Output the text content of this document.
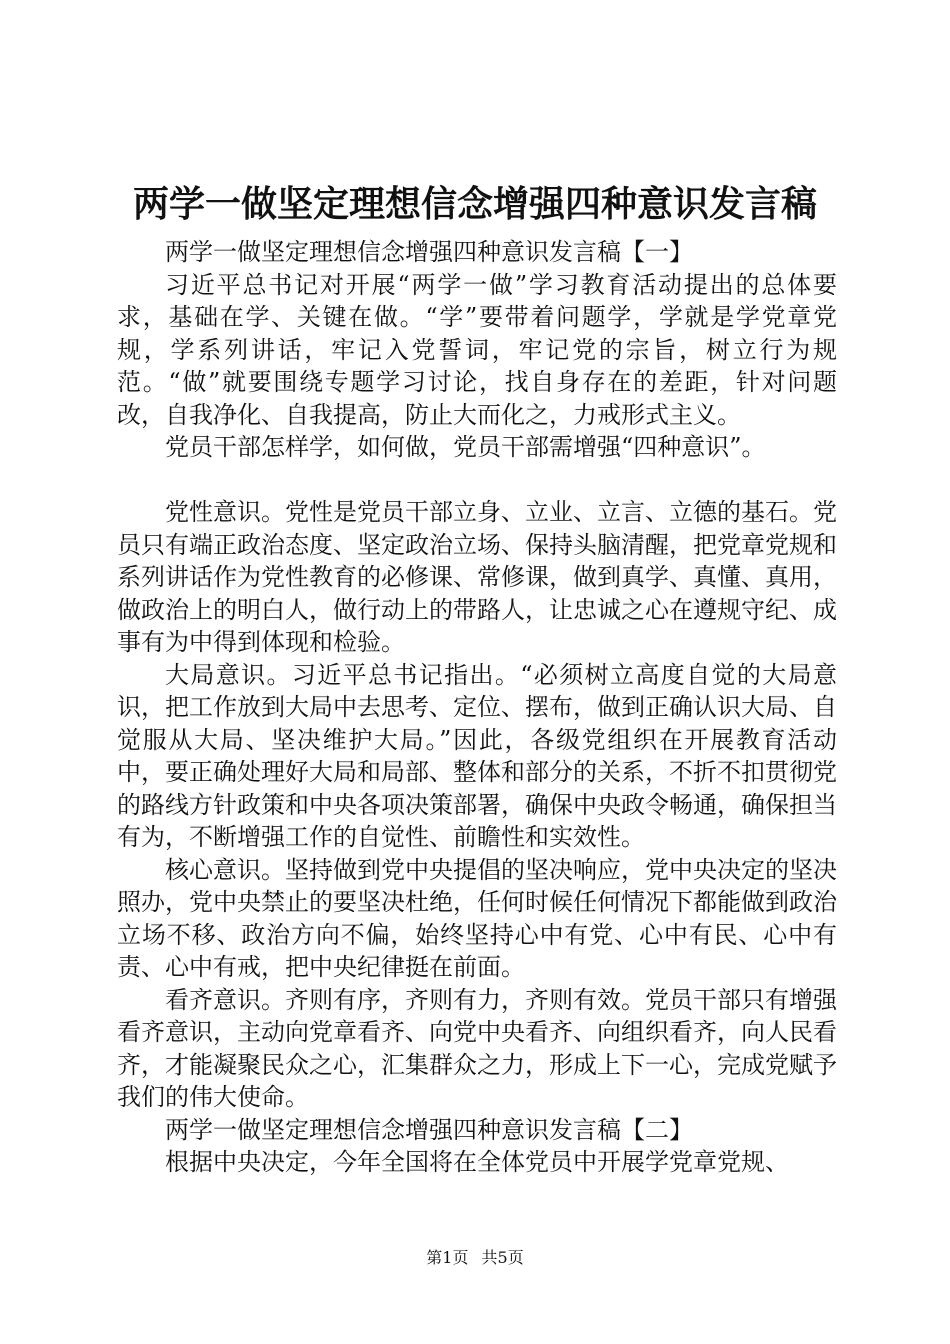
两学一做坚定理想信念增强四种意识发言稿

两学一做坚定理想信念增强四种意识发言稿【一】

习近平总书记对开展“两学一做”学习教育活动提出的总体要求，基础在学、关键在做。“学”要带着问题学，学就是学党章党规，学系列讲话，牢记入党誓词，牢记党的宗旨，树立行为规范。“做”就要围绕专题学习讨论，找自身存在的差距，针对问题改，自我净化、自我提高，防止大而化之，力戒形式主义。

党员干部怎样学，如何做，党员干部需增强“四种意识”。

党性意识。党性是党员干部立身、立业、立言、立德的基石。党员只有端正政治态度、坚定政治立场、保持头脑清醒，把党章党规和系列讲话作为党性教育的必修课、常修课，做到真学、真懂、真用，做政治上的明白人，做行动上的带路人，让忠诚之心在遵规守纪、成事有为中得到体现和检验。

大局意识。习近平总书记指出。“必须树立高度自觉的大局意识，把工作放到大局中去思考、定位、摆布，做到正确认识大局、自觉服从大局、坚决维护大局。”因此，各级党组织在开展教育活动中，要正确处理好大局和局部、整体和部分的关系，不折不扣贯彻党的路线方针政策和中央各项决策部署，确保中央政令畅通，确保担当有为，不断增强工作的自觉性、前瞻性和实效性。

核心意识。坚持做到党中央提倡的坚决响应，党中央决定的坚决照办，党中央禁止的要坚决杜绝，任何时候任何情况下都能做到政治立场不移、政治方向不偏，始终坚持心中有党、心中有民、心中有责、心中有戒，把中央纪律挺在前面。

看齐意识。齐则有序，齐则有力，齐则有效。党员干部只有增强看齐意识，主动向党章看齐、向党中央看齐、向组织看齐，向人民看齐，才能凝聚民众之心，汇集群众之力，形成上下一心，完成党赋予我们的伟大使命。

两学一做坚定理想信念增强四种意识发言稿【二】

根据中央决定，今年全国将在全体党员中开展学党章党规、

第1页 共5页
